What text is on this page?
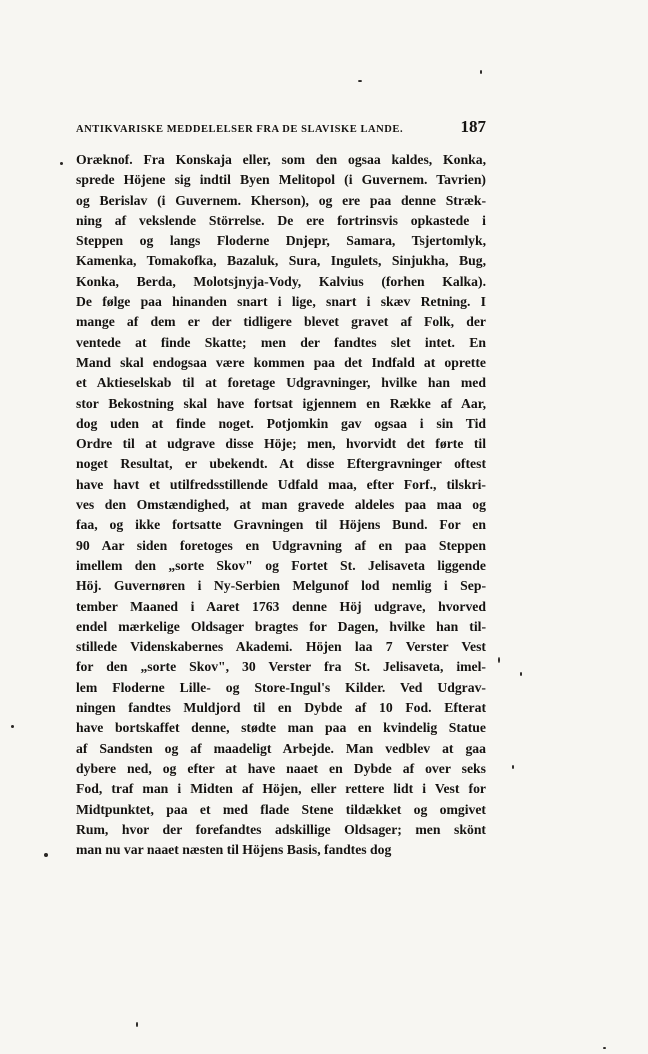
ANTIKVARISKE MEDDELELSER FRA DE SLAVISKE LANDE.	187
Oræknof. Fra Konskaja eller, som den ogsaa kaldes, Konka,
sprede Höjene sig indtil Byen Melitopol (i Guvernem. Tavrien)
og Berislav (i Guvernem. Kherson), og ere paa denne Stræk-
ning af vekslende Störrelse. De ere fortrinsvis opkastede i
Steppen og langs Floderne Dnjepr, Samara, Tsjertomlyk,
Kamenka, Tomakofka, Bazaluk, Sura, Ingulets, Sinjukha, Bug,
Konka, Berda, Molotsjnyja-Vody, Kalvius (forhen Kalka).
De følge paa hinanden snart i lige, snart i skæv Retning. I
mange af dem er der tidligere blevet gravet af Folk, der
ventede at finde Skatte; men der fandtes slet intet. En
Mand skal endogsaa være kommen paa det Indfald at oprette
et Aktieselskab til at foretage Udgravninger, hvilke han med
stor Bekostning skal have fortsat igjennem en Række af Aar,
dog uden at finde noget. Potjomkin gav ogsaa i sin Tid
Ordre til at udgrave disse Höje; men, hvorvidt det førte til
noget Resultat, er ubekendt. At disse Eftergravninger oftest
have havt et utilfredsstillende Udfald maa, efter Forf., tilskri-
ves den Omstændighed, at man gravede aldeles paa maa og
faa, og ikke fortsatte Gravningen til Höjens Bund. For en
90 Aar siden foretoges en Udgravning af en paa Steppen
imellem den „sorte Skov" og Fortet St. Jelisaveta liggende
Höj. Guvernøren i Ny-Serbien Melgunof lod nemlig i Sep-
tember Maaned i Aaret 1763 denne Höj udgrave, hvorved
endel mærkelige Oldsager bragtes for Dagen, hvilke han til-
stillede Videnskabernes Akademi. Höjen laa 7 Verster Vest
for den „sorte Skov", 30 Verster fra St. Jelisaveta, imel-
lem Floderne Lille- og Store-Ingul's Kilder. Ved Udgrav-
ningen fandtes Muldjord til en Dybde af 10 Fod. Efterat
have bortskaffet denne, stødte man paa en kvindelig Statue
af Sandsten og af maadeligt Arbejde. Man vedblev at gaa
dybere ned, og efter at have naaet en Dybde af over seks
Fod, traf man i Midten af Höjen, eller rettere lidt i Vest for
Midtpunktet, paa et med flade Stene tildækket og omgivet
Rum, hvor der forefandtes adskillige Oldsager; men skönt
man nu var naaet næsten til Höjens Basis, fandtes dog
